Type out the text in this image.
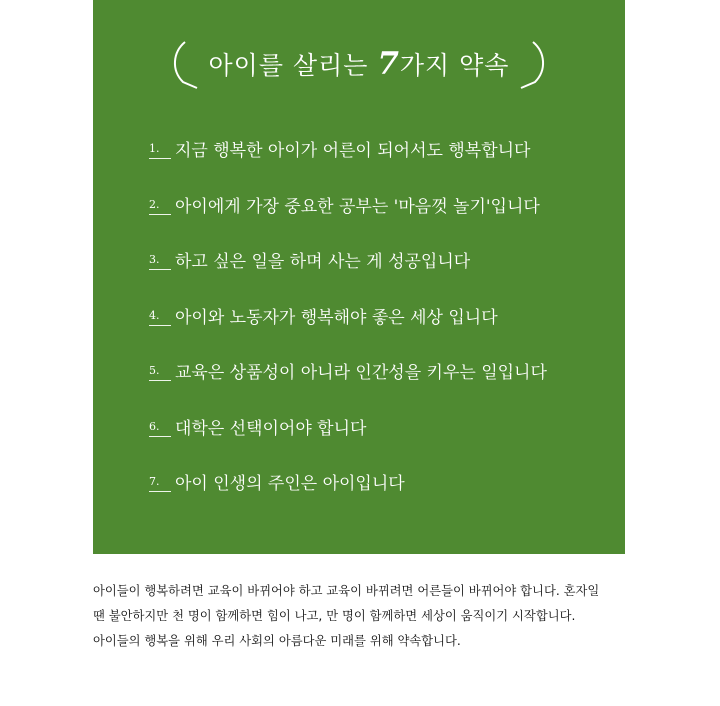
아이를 살리는 7가지 약속
1. 지금 행복한 아이가 어른이 되어서도 행복합니다
2. 아이에게 가장 중요한 공부는 '마음껏 놀기'입니다
3. 하고 싶은 일을 하며 사는 게 성공입니다
4. 아이와 노동자가 행복해야 좋은 세상 입니다
5. 교육은 상품성이 아니라 인간성을 키우는 일입니다
6. 대학은 선택이어야 합니다
7. 아이 인생의 주인은 아이입니다

아이들이 행복하려면 교육이 바뀌어야 하고 교육이 바뀌려면 어른들이 바뀌어야 합니다. 혼자일

땐 불안하지만 천 명이 함께하면 힘이 나고, 만 명이 함께하면 세상이 움직이기 시작합니다.

아이들의 행복을 위해 우리 사회의 아름다운 미래를 위해 약속합니다.
